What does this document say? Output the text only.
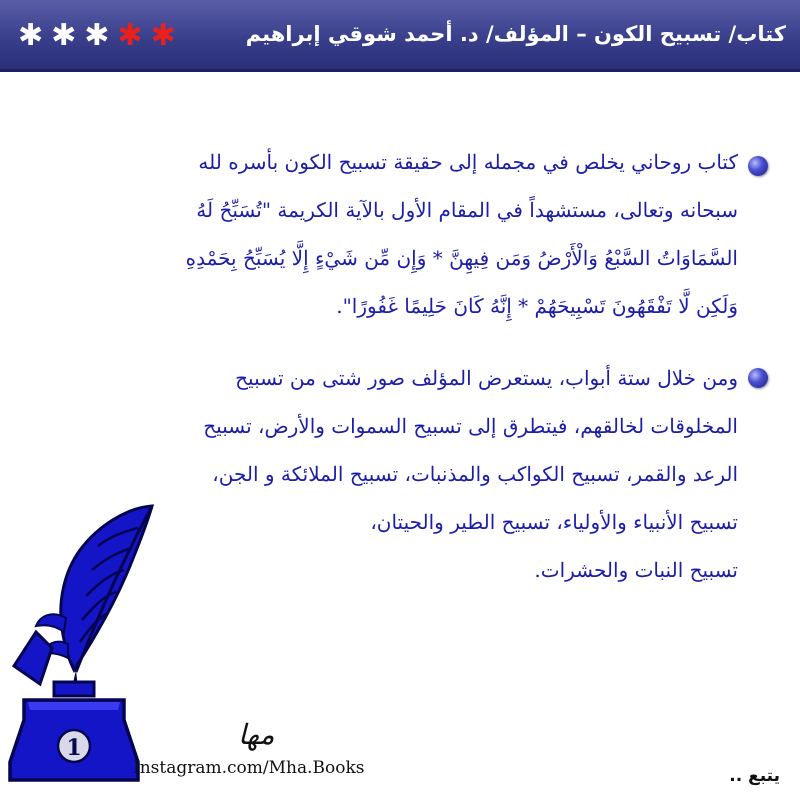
✱ ✱ ✱ ✱ ✱	كتاب/ تسبيح الكون – المؤلف/ د. أحمد شوقي إبراهيم
كتاب روحاني يخلص في مجمله إلى حقيقة تسبيح الكون بأسره لله
سبحانه وتعالى، مستشهداً في المقام الأول بالآية الكريمة "تُسَبِّحُ لَهُ
السَّمَاوَاتُ السَّبْعُ وَالْأَرْضُ وَمَن فِيهِنَّ * وَإِن مِّن شَيْءٍ إِلَّا يُسَبِّحُ بِحَمْدِهِ
وَلَكِن لَّا تَفْقَهُونَ تَسْبِيحَهُمْ * إِنَّهُ كَانَ حَلِيمًا غَفُورًا".
ومن خلال ستة أبواب، يستعرض المؤلف صور شتى من تسبيح
المخلوقات لخالقهم، فيتطرق إلى تسبيح السموات والأرض، تسبيح
الرعد والقمر، تسبيح الكواكب والمذنبات، تسبيح الملائكة و الجن،
تسبيح الأنبياء والأولياء، تسبيح الطير والحيتان،
تسبيح النبات والحشرات.
1	مها
Instagram.com/Mha.Books	يتبع ..
